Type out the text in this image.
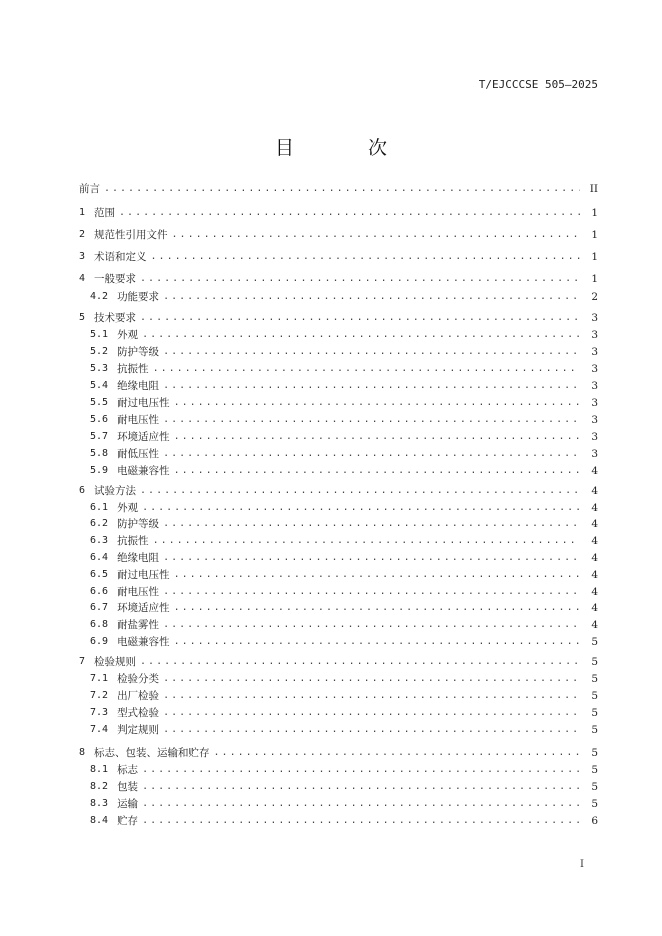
T/EJCCCSE 505—2025
目 次
前言 .....	II
1 范围 .....	1
2 规范性引用文件 .....	1
3 术语和定义 .....	1
4 一般要求 .....	1
4.2 功能要求 .....	2
5 技术要求 .....	3
5.1 外观 .....	3
5.2 防护等级 .....	3
5.3 抗振性 .....	3
5.4 绝缘电阻 .....	3
5.5 耐过电压性 .....	3
5.6 耐电压性 .....	3
5.7 环境适应性 .....	3
5.8 耐低压性 .....	3
5.9 电磁兼容性 .....	4
6 试验方法 .....	4
6.1 外观 .....	4
6.2 防护等级 .....	4
6.3 抗振性 .....	4
6.4 绝缘电阻 .....	4
6.5 耐过电压性 .....	4
6.6 耐电压性 .....	4
6.7 环境适应性 .....	4
6.8 耐盐雾性 .....	4
6.9 电磁兼容性 .....	5
7 检验规则 .....	5
7.1 检验分类 .....	5
7.2 出厂检验 .....	5
7.3 型式检验 .....	5
7.4 判定规则 .....	5
8 标志、包装、运输和贮存 .....	5
8.1 标志 .....	5
8.2 包装 .....	5
8.3 运输 .....	5
8.4 贮存 .....	6
I
